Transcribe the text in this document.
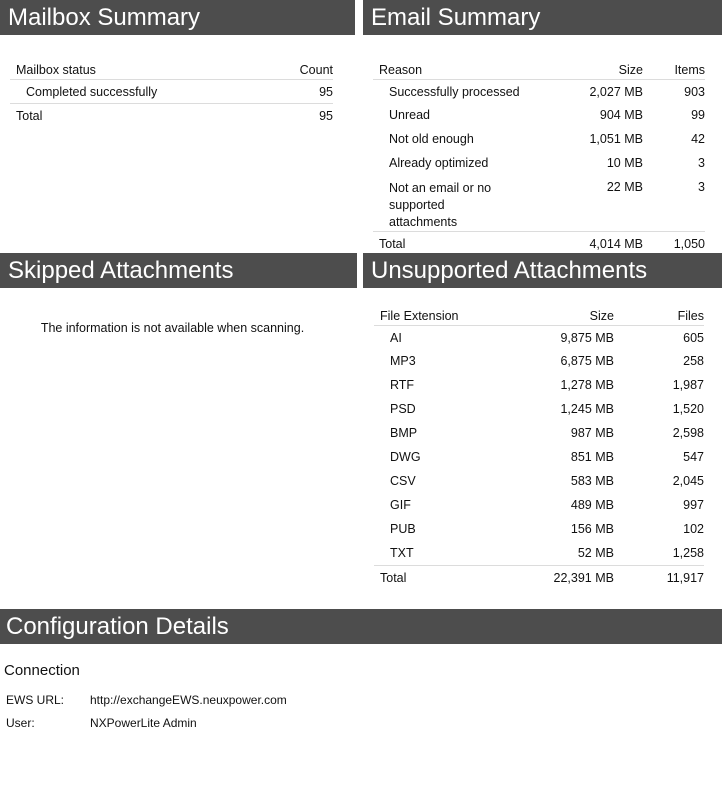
Mailbox Summary
Mailbox status	Count
Completed successfully	95
Total	95
Email Summary
Reason	Size	Items
Successfully processed	2,027 MB	903
Unread	904 MB	99
Not old enough	1,051 MB	42
Already optimized	10 MB	3
Not an email or no supported attachments	22 MB	3
Total	4,014 MB	1,050
Skipped Attachments
The information is not available when scanning.
Unsupported Attachments
File Extension	Size	Files
AI	9,875 MB	605
MP3	6,875 MB	258
RTF	1,278 MB	1,987
PSD	1,245 MB	1,520
BMP	987 MB	2,598
DWG	851 MB	547
CSV	583 MB	2,045
GIF	489 MB	997
PUB	156 MB	102
TXT	52 MB	1,258
Total	22,391 MB	11,917
Configuration Details
Connection
EWS URL:	http://exchangeEWS.neuxpower.com
User:	NXPowerLite Admin
